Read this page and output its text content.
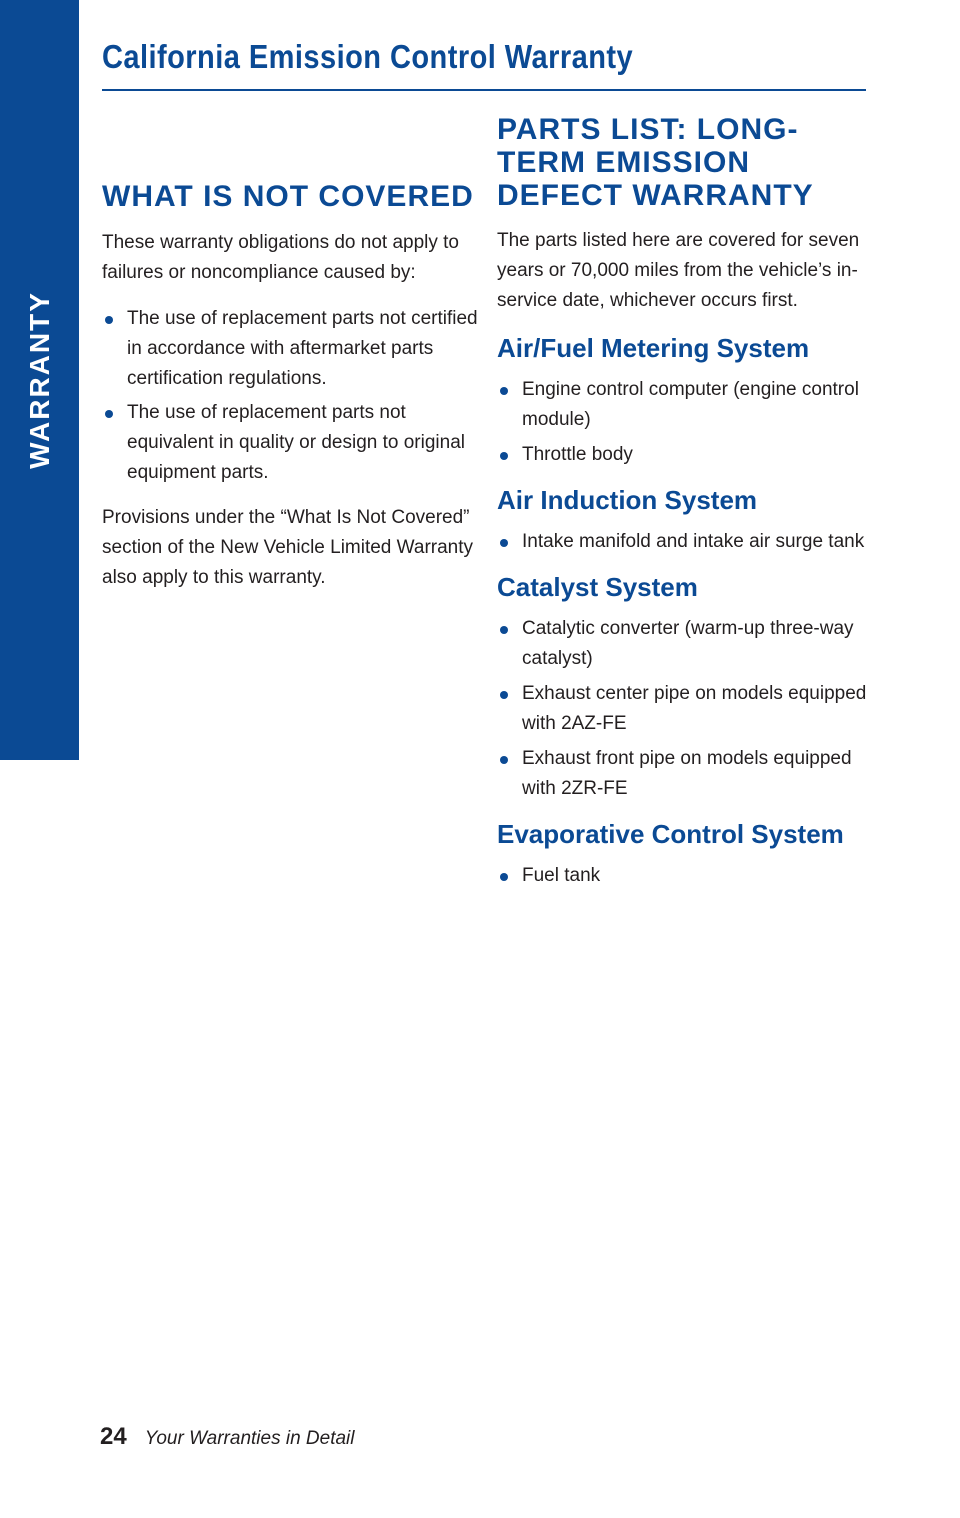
WARRANTY
California Emission Control Warranty
WHAT IS NOT COVERED

These warranty obligations do not apply to failures or noncompliance caused by:

The use of replacement parts not certified in accordance with aftermarket parts certification regulations.
The use of replacement parts not equivalent in quality or design to original equipment parts.

Provisions under the “What Is Not Covered” section of the New Vehicle Limited Warranty also apply to this warranty.

PARTS LIST: LONG-TERM EMISSION DEFECT WARRANTY

The parts listed here are covered for seven years or 70,000 miles from the vehicle’s in-service date, whichever occurs first.

Air/Fuel Metering System
Engine control computer (engine control module)
Throttle body
Air Induction System
Intake manifold and intake air surge tank
Catalyst System
Catalytic converter (warm-up three-way catalyst)
Exhaust center pipe on models equipped with 2AZ-FE
Exhaust front pipe on models equipped with 2ZR-FE
Evaporative Control System
Fuel tank
24 Your Warranties in Detail
